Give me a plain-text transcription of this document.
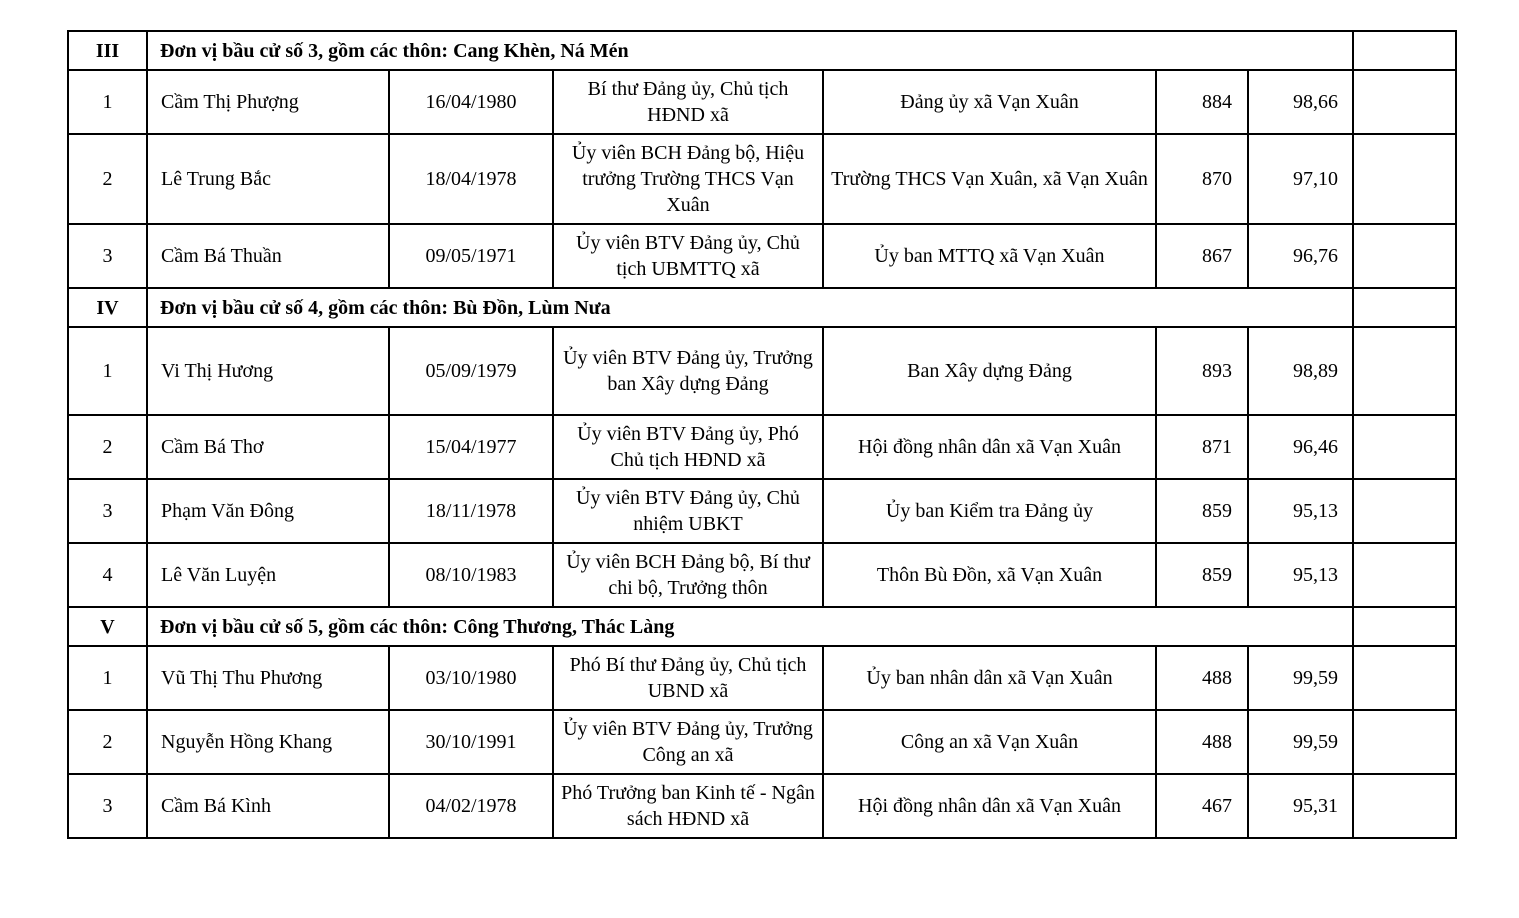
III	Đơn vị bầu cử số 3, gồm các thôn: Cang Khèn, Ná Mén						
1	Cầm Thị Phượng	16/04/1980	Bí thư Đảng ủy, Chủ tịch HĐND xã	Đảng ủy xã Vạn Xuân	884	98,66	
2	Lê Trung Bắc	18/04/1978	Ủy viên BCH Đảng bộ, Hiệu trưởng Trường THCS Vạn Xuân	Trường THCS Vạn Xuân, xã Vạn Xuân	870	97,10	
3	Cầm Bá Thuần	09/05/1971	Ủy viên BTV Đảng ủy, Chủ tịch UBMTTQ xã	Ủy ban MTTQ xã Vạn Xuân	867	96,76	
IV	Đơn vị bầu cử số 4, gồm các thôn: Bù Đồn, Lùm Nưa						
1	Vi Thị Hương	05/09/1979	Ủy viên BTV Đảng ủy, Trưởng ban Xây dựng Đảng	Ban Xây dựng Đảng	893	98,89	
2	Cầm Bá Thơ	15/04/1977	Ủy viên BTV Đảng ủy, Phó Chủ tịch HĐND xã	Hội đồng nhân dân xã Vạn Xuân	871	96,46	
3	Phạm Văn Đông	18/11/1978	Ủy viên BTV Đảng ủy, Chủ nhiệm UBKT	Ủy ban Kiểm tra Đảng ủy	859	95,13	
4	Lê Văn Luyện	08/10/1983	Ủy viên BCH Đảng bộ, Bí thư chi bộ, Trưởng thôn	Thôn Bù Đồn, xã Vạn Xuân	859	95,13	
V	Đơn vị bầu cử số 5, gồm các thôn: Công Thương, Thác Làng						
1	Vũ Thị Thu Phương	03/10/1980	Phó Bí thư Đảng ủy, Chủ tịch UBND xã	Ủy ban nhân dân xã Vạn Xuân	488	99,59	
2	Nguyễn Hồng Khang	30/10/1991	Ủy viên BTV Đảng ủy, Trưởng Công an xã	Công an xã Vạn Xuân	488	99,59	
3	Cầm Bá Kình	04/02/1978	Phó Trưởng ban Kinh tế - Ngân sách HĐND xã	Hội đồng nhân dân xã Vạn Xuân	467	95,31	
